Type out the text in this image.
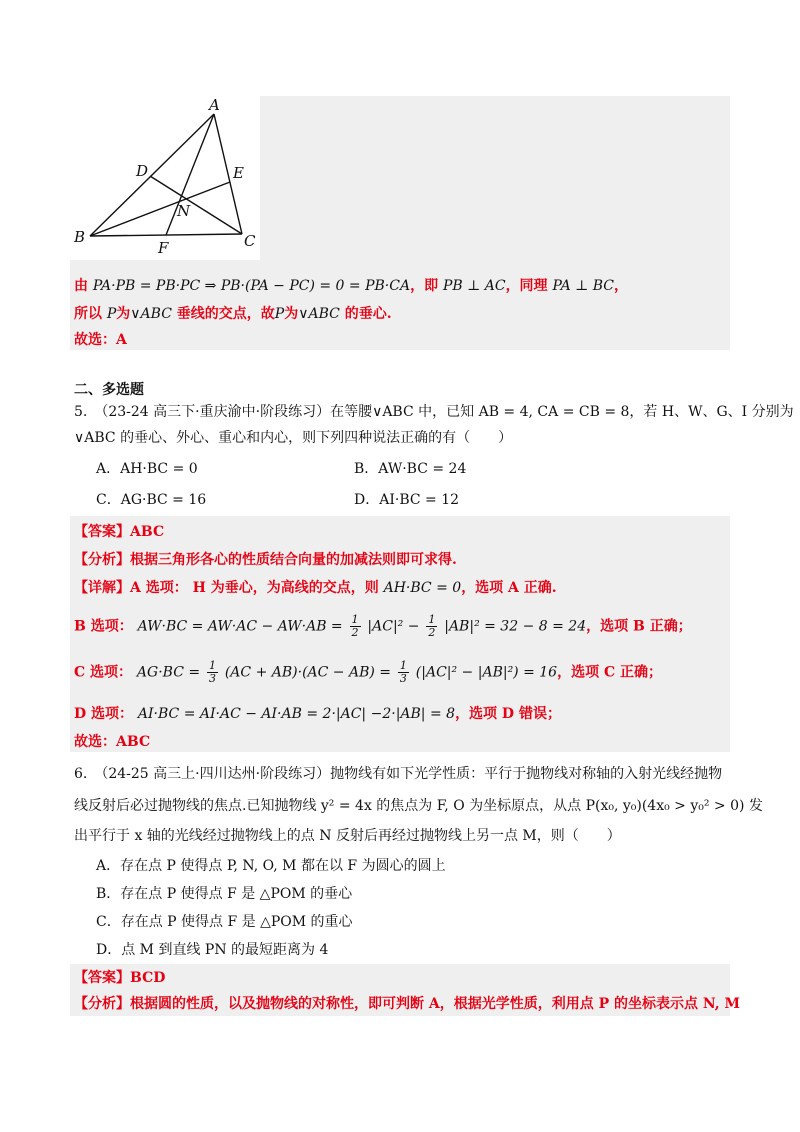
A
B	C
D	E
F
N
由 PA·PB = PB·PC ⇒ PB·(PA − PC) = 0 = PB·CA，即 PB ⊥ AC，同理 PA ⊥ BC，
所以 P为∨ABC 垂线的交点，故P为∨ABC 的垂心.
故选：A
二、多选题
5.　（23-24 高三下·重庆渝中·阶段练习）在等腰∨ABC 中，已知 AB = 4, CA = CB = 8，若 H、W、G、I 分别为
∨ABC 的垂心、外心、重心和内心，则下列四种说法正确的有（　　）
A．AH·BC = 0	B．AW·BC = 24
C．AG·BC = 16	D．AI·BC = 12
【答案】ABC
【分析】根据三角形各心的性质结合向量的加减法则即可求得.
【详解】A 选项： H 为垂心，为高线的交点，则 AH·BC = 0，选项 A 正确.
B 选项： $AW\cdot BC = AW\cdot AC - AW\cdot AB = \frac{1}{2} |AC|^2 - \frac{1}{2} |AB|^2 = 32 - 8 = 24$，选项 B 正确；
C 选项： $AG\cdot BC = \frac{1}{3} (AC + AB)\cdot(AC - AB) = \frac{1}{3} (|AC|^2 - |AB|^2) = 16$，选项 C 正确；
D 选项： AI·BC = AI·AC − AI·AB = 2·|AC| −2·|AB| = 8，选项 D 错误；
故选：ABC
6.　（24-25 高三上·四川达州·阶段练习）抛物线有如下光学性质：平行于抛物线对称轴的入射光线经抛物
线反射后必过抛物线的焦点.已知抛物线 y² = 4x 的焦点为 F, O 为坐标原点，从点 P(x₀, y₀)(4x₀ > y₀² > 0) 发
出平行于 x 轴的光线经过抛物线上的点 N 反射后再经过抛物线上另一点 M，则（　　）
A．存在点 P 使得点 P, N, O, M 都在以 F 为圆心的圆上
B．存在点 P 使得点 F 是 △POM 的垂心
C．存在点 P 使得点 F 是 △POM 的重心
D．点 M 到直线 PN 的最短距离为 4
【答案】BCD
【分析】根据圆的性质，以及抛物线的对称性，即可判断 A，根据光学性质，利用点 P 的坐标表示点 N, M
